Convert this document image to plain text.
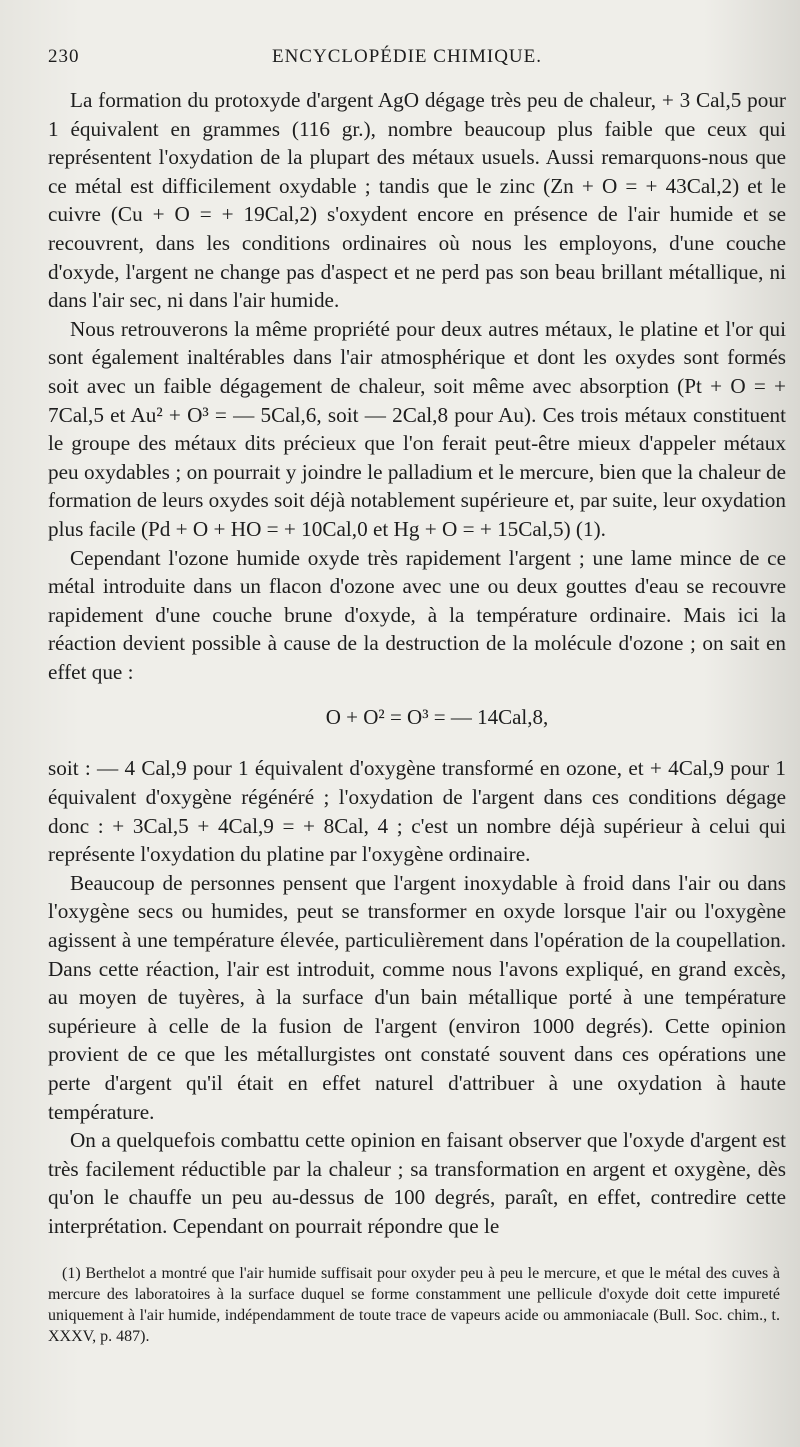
230	ENCYCLOPÉDIE CHIMIQUE.

La formation du protoxyde d'argent AgO dégage très peu de chaleur, + 3 Cal,5 pour 1 équivalent en grammes (116 gr.), nombre beaucoup plus faible que ceux qui représentent l'oxydation de la plupart des métaux usuels. Aussi remarquons-nous que ce métal est difficilement oxydable ; tandis que le zinc (Zn + O = + 43Cal,2) et le cuivre (Cu + O = + 19Cal,2) s'oxydent encore en présence de l'air humide et se recouvrent, dans les conditions ordinaires où nous les employons, d'une couche d'oxyde, l'argent ne change pas d'aspect et ne perd pas son beau brillant métallique, ni dans l'air sec, ni dans l'air humide.

Nous retrouverons la même propriété pour deux autres métaux, le platine et l'or qui sont également inaltérables dans l'air atmosphérique et dont les oxydes sont formés soit avec un faible dégagement de chaleur, soit même avec absorption (Pt + O = + 7Cal,5 et Au² + O³ = — 5Cal,6, soit — 2Cal,8 pour Au). Ces trois métaux constituent le groupe des métaux dits précieux que l'on ferait peut-être mieux d'appeler métaux peu oxydables ; on pourrait y joindre le palladium et le mercure, bien que la chaleur de formation de leurs oxydes soit déjà notablement supérieure et, par suite, leur oxydation plus facile (Pd + O + HO = + 10Cal,0 et Hg + O = + 15Cal,5) (1).

Cependant l'ozone humide oxyde très rapidement l'argent ; une lame mince de ce métal introduite dans un flacon d'ozone avec une ou deux gouttes d'eau se recouvre rapidement d'une couche brune d'oxyde, à la température ordinaire. Mais ici la réaction devient possible à cause de la destruction de la molécule d'ozone ; on sait en effet que :

O + O² = O³ = — 14Cal,8,

soit : — 4 Cal,9 pour 1 équivalent d'oxygène transformé en ozone, et + 4Cal,9 pour 1 équivalent d'oxygène régénéré ; l'oxydation de l'argent dans ces conditions dégage donc : + 3Cal,5 + 4Cal,9 = + 8Cal, 4 ; c'est un nombre déjà supérieur à celui qui représente l'oxydation du platine par l'oxygène ordinaire.

Beaucoup de personnes pensent que l'argent inoxydable à froid dans l'air ou dans l'oxygène secs ou humides, peut se transformer en oxyde lorsque l'air ou l'oxygène agissent à une température élevée, particulièrement dans l'opération de la coupellation. Dans cette réaction, l'air est introduit, comme nous l'avons expliqué, en grand excès, au moyen de tuyères, à la surface d'un bain métallique porté à une température supérieure à celle de la fusion de l'argent (environ 1000 degrés). Cette opinion provient de ce que les métallurgistes ont constaté souvent dans ces opérations une perte d'argent qu'il était en effet naturel d'attribuer à une oxydation à haute température.

On a quelquefois combattu cette opinion en faisant observer que l'oxyde d'argent est très facilement réductible par la chaleur ; sa transformation en argent et oxygène, dès qu'on le chauffe un peu au-dessus de 100 degrés, paraît, en effet, contredire cette interprétation. Cependant on pourrait répondre que le

(1) Berthelot a montré que l'air humide suffisait pour oxyder peu à peu le mercure, et que le métal des cuves à mercure des laboratoires à la surface duquel se forme constamment une pellicule d'oxyde doit cette impureté uniquement à l'air humide, indépendamment de toute trace de vapeurs acide ou ammoniacale (Bull. Soc. chim., t. XXXV, p. 487).
